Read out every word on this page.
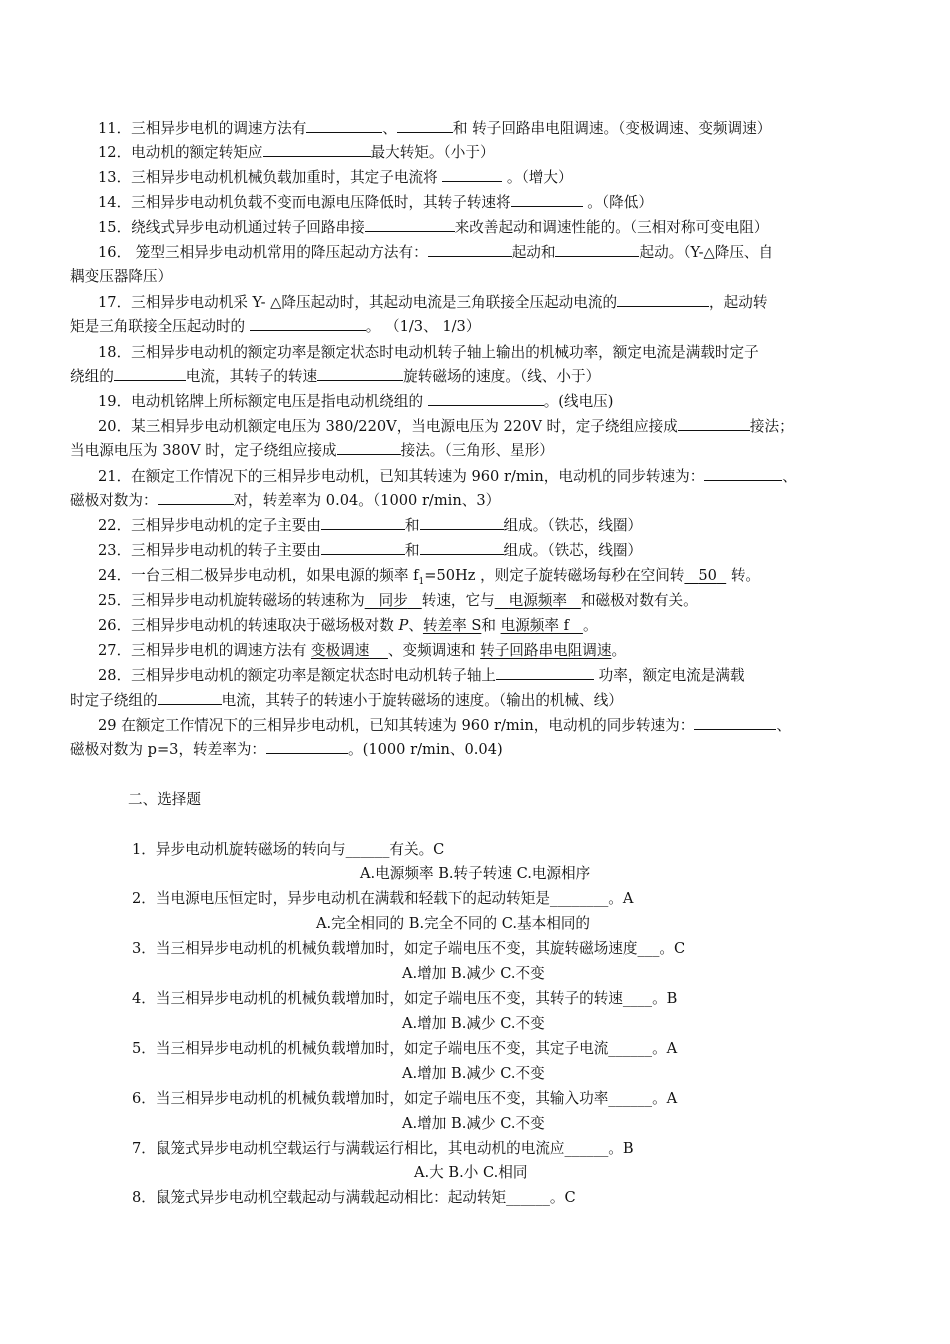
11．三相异步电机的调速方法有	、	和 转子回路串电阻调速。（变极调速、变频调速）
12．电动机的额定转矩应	最大转矩。（小于）
13．三相异步电动机机械负载加重时，其定子电流将	。（增大）
14．三相异步电动机负载不变而电源电压降低时，其转子转速将	。（降低）
15．绕线式异步电动机通过转子回路串接	来改善起动和调速性能的。（三相对称可变电阻）
16． 笼型三相异步电动机常用的降压起动方法有：	起动和	起动。（Y-△降压、自
耦变压器降压）
17．三相异步电动机采 Y- △降压起动时，其起动电流是三角联接全压起动电流的	，起动转
矩是三角联接全压起动时的	。 （1/3、 1/3）
18．三相异步电动机的额定功率是额定状态时电动机转子轴上输出的机械功率，额定电流是满载时定子
绕组的	电流，其转子的转速	旋转磁场的速度。（线、小于）
19．电动机铭牌上所标额定电压是指电动机绕组的	。(线电压)
20．某三相异步电动机额定电压为 380/220V，当电源电压为 220V 时，定子绕组应接成	接法；
当电源电压为 380V 时，定子绕组应接成	接法。（三角形、星形）
21．在额定工作情况下的三相异步电动机，已知其转速为 960 r/min，电动机的同步转速为：	、
磁极对数为：	对，转差率为 0.04。（1000 r/min、3）
22．三相异步电动机的定子主要由	和	组成。（铁芯，线圈）
23．三相异步电动机的转子主要由	和	组成。（铁芯，线圈）
24．一台三相二极异步电动机，如果电源的频率 $f_1=50Hz$ ，则定子旋转磁场每秒在空间转 50 转。
25．三相异步电动机旋转磁场的转速称为 同步 转速，它与 电源频率 和磁极对数有关。
26．三相异步电动机的转速取决于磁场极对数 P、转差率 S和 电源频率 f 。
27．三相异步电机的调速方法有 变极调速 、变频调速和 转子回路串电阻调速。
28．三相异步电动机的额定功率是额定状态时电动机转子轴上	功率，额定电流是满载
时定子绕组的	电流，其转子的转速小于旋转磁场的速度。（输出的机械、线）
29 在额定工作情况下的三相异步电动机，已知其转速为 960 r/min，电动机的同步转速为：	、
磁极对数为 p=3，转差率为：	。(1000 r/min、0.04)
二、选择题
1．异步电动机旋转磁场的转向与______有关。C
A.电源频率 B.转子转速 C.电源相序
2．当电源电压恒定时，异步电动机在满载和轻载下的起动转矩是________。A
A.完全相同的 B.完全不同的 C.基本相同的
3．当三相异步电动机的机械负载增加时，如定子端电压不变，其旋转磁场速度___。C
A.增加 B.减少 C.不变
4．当三相异步电动机的机械负载增加时，如定子端电压不变，其转子的转速____。B
A.增加 B.减少 C.不变
5．当三相异步电动机的机械负载增加时，如定子端电压不变，其定子电流______。A
A.增加 B.减少 C.不变
6．当三相异步电动机的机械负载增加时，如定子端电压不变，其输入功率______。A
A.增加 B.减少 C.不变
7．鼠笼式异步电动机空载运行与满载运行相比，其电动机的电流应______。B
A.大 B.小 C.相同
8．鼠笼式异步电动机空载起动与满载起动相比：起动转矩______。C
